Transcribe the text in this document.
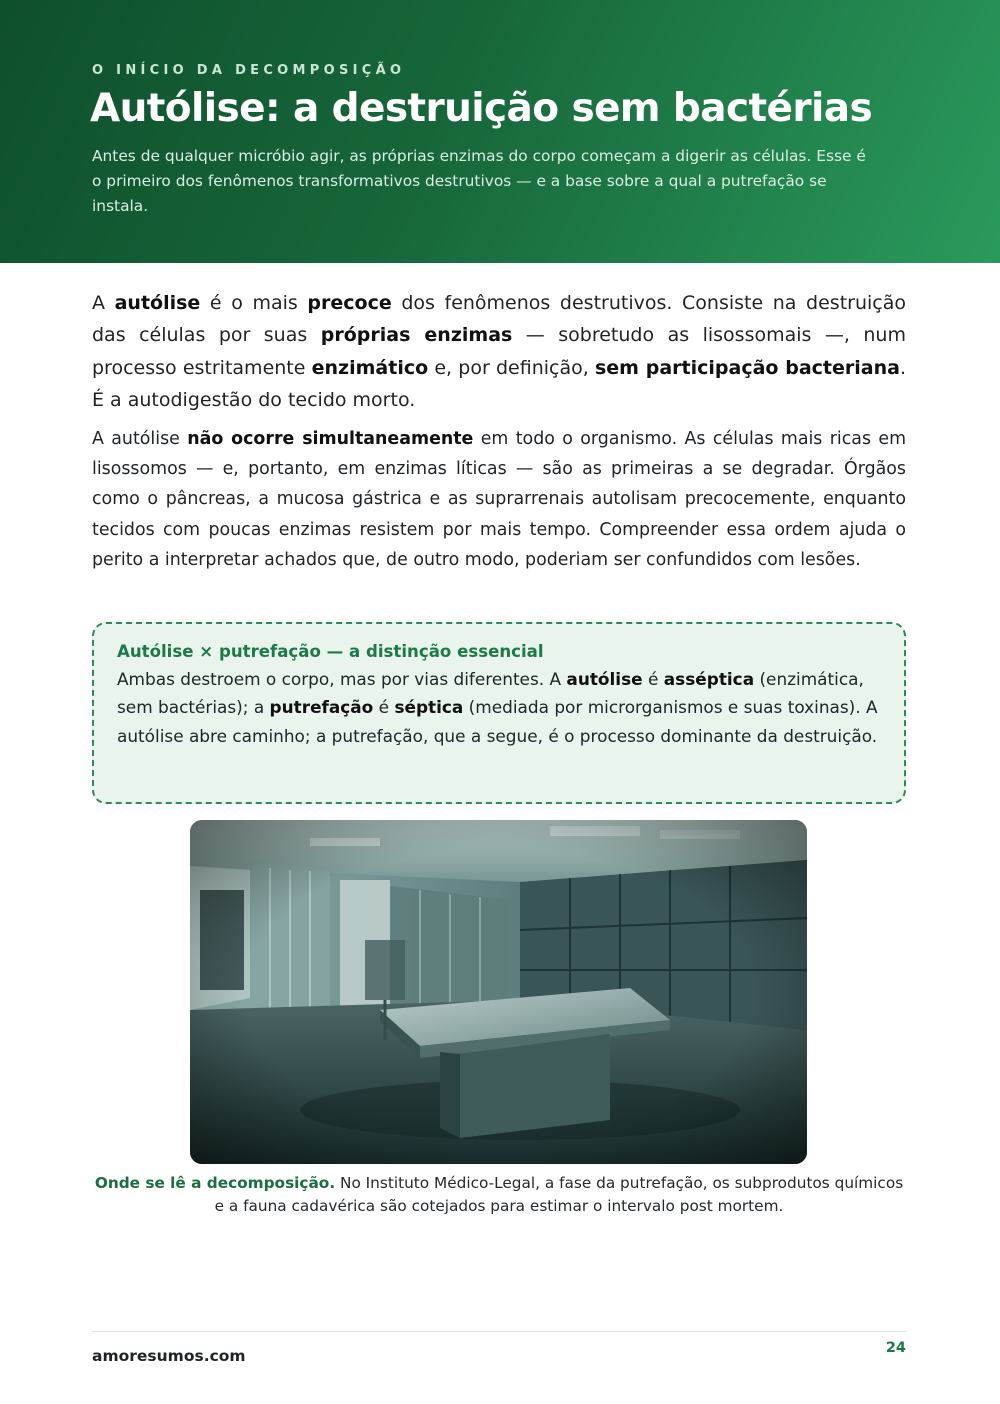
O INÍCIO DA DECOMPOSIÇÃO
Autólise: a destruição sem bactérias

Antes de qualquer micróbio agir, as próprias enzimas do corpo começam a digerir as células. Esse é o primeiro dos fenômenos transformativos destrutivos — e a base sobre a qual a putrefação se instala.

A autólise é o mais precoce dos fenômenos destrutivos. Consiste na destruição das células por suas próprias enzimas — sobretudo as lisossomais —, num processo estritamente enzimático e, por definição, sem participação bacteriana. É a autodigestão do tecido morto.

A autólise não ocorre simultaneamente em todo o organismo. As células mais ricas em lisossomos — e, portanto, em enzimas líticas — são as primeiras a se degradar. Órgãos como o pâncreas, a mucosa gástrica e as suprarrenais autolisam precocemente, enquanto tecidos com poucas enzimas resistem por mais tempo. Compreender essa ordem ajuda o perito a interpretar achados que, de outro modo, poderiam ser confundidos com lesões.

Autólise × putrefação — a distinção essencial

Ambas destroem o corpo, mas por vias diferentes. A autólise é asséptica (enzimática, sem bactérias); a putrefação é séptica (mediada por microrganismos e suas toxinas). A autólise abre caminho; a putrefação, que a segue, é o processo dominante da destruição.

Onde se lê a decomposição. No Instituto Médico-Legal, a fase da putrefação, os subprodutos químicos e a fauna cadavérica são cotejados para estimar o intervalo post mortem.

amoresumos.com	24
